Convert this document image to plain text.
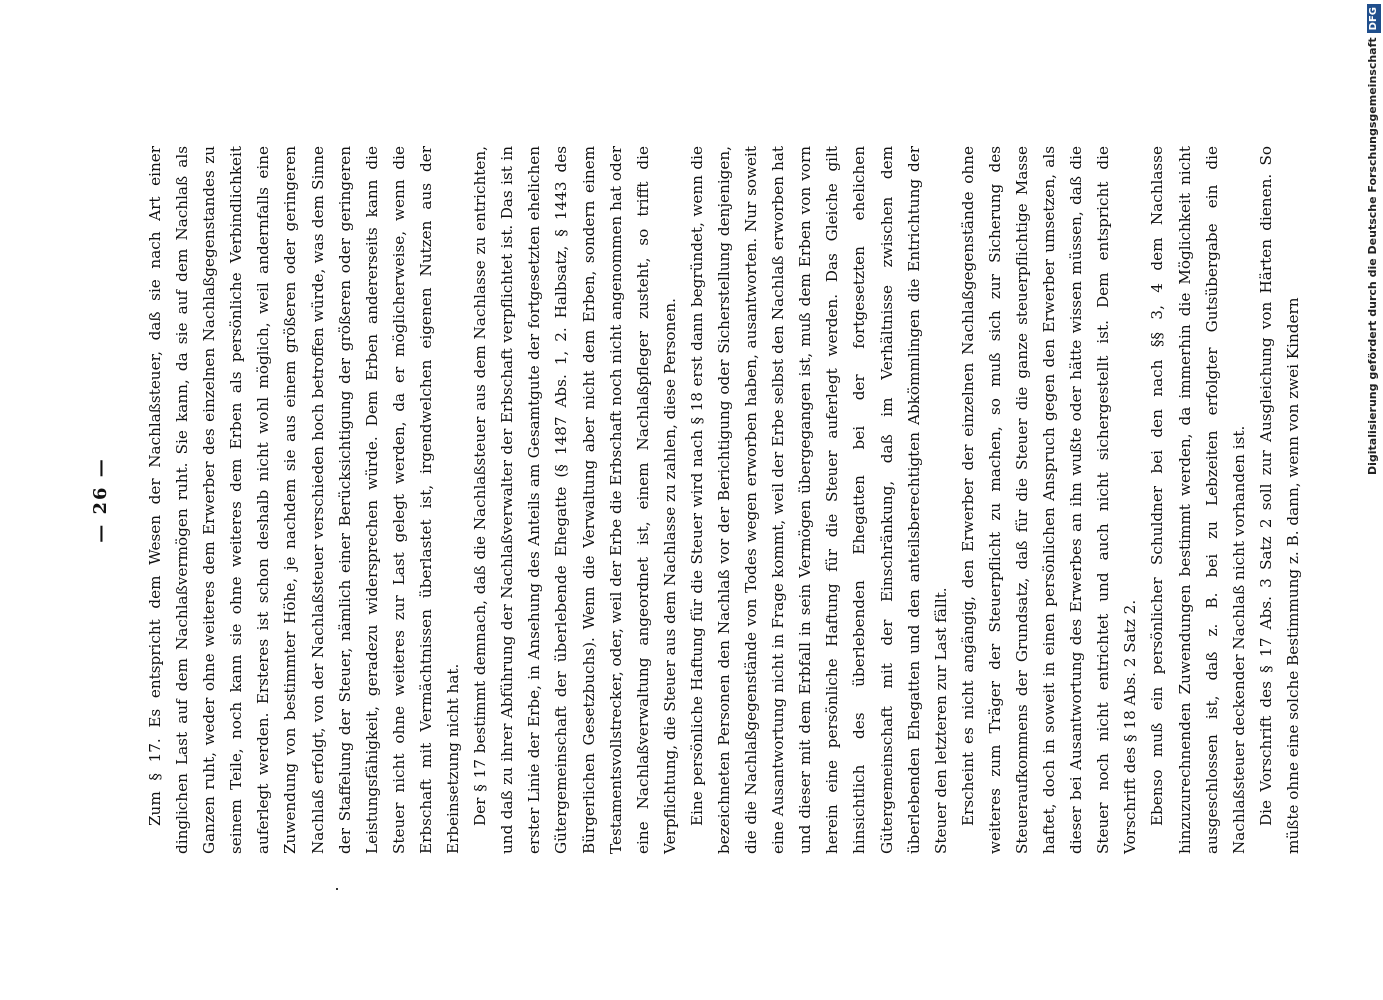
— 26 —	Zum § 17. Es entspricht dem Wesen der Nachlaßsteuer, daß sie nach Art einer dinglichen Last auf dem Nachlaßvermögen ruht. Sie kann, da sie auf dem Nachlaß als Ganzen ruht, weder ohne weiteres dem Erwerber des einzelnen Nachlaßgegenstandes zu seinem Teile, noch kann sie ohne weiteres dem Erben als persönliche Verbindlichkeit auferlegt werden. Ersteres ist schon deshalb nicht wohl möglich, weil andernfalls eine Zuwendung von bestimmter Höhe, je nachdem sie aus einem größeren oder geringeren Nachlaß erfolgt, von der Nachlaßsteuer verschieden hoch betroffen würde, was dem Sinne der Staffelung der Steuer, nämlich einer Berücksichtigung der größeren oder geringeren Leistungsfähigkeit, geradezu widersprechen würde. Dem Erben andererseits kann die Steuer nicht ohne weiteres zur Last gelegt werden, da er möglicherweise, wenn die Erbschaft mit Vermächtnissen überlastet ist, irgendwelchen eigenen Nutzen aus der Erbeinsetzung nicht hat. Der § 17 bestimmt demnach, daß die Nachlaßsteuer aus dem Nachlasse zu entrichten, und daß zu ihrer Abführung der Nachlaßverwalter der Erbschaft verpflichtet ist. Das ist in erster Linie der Erbe, in Ansehung des Anteils am Gesamtgute der fortgesetzten ehelichen Gütergemeinschaft der überlebende Ehegatte (§ 1487 Abs. 1, 2. Halbsatz, § 1443 des Bürgerlichen Gesetzbuchs). Wenn die Verwaltung aber nicht dem Erben, sondern einem Testamentsvollstrecker, oder, weil der Erbe die Erbschaft noch nicht angenommen hat oder eine Nachlaßverwaltung angeordnet ist, einem Nachlaßpfleger zusteht, so trifft die Verpflichtung, die Steuer aus dem Nachlasse zu zahlen, diese Personen. Eine persönliche Haftung für die Steuer wird nach § 18 erst dann begründet, wenn die bezeichneten Personen den Nachlaß vor der Berichtigung oder Sicherstellung denjenigen, die die Nachlaßgegenstände von Todes wegen erworben haben, ausantworten. Nur soweit eine Ausantwortung nicht in Frage kommt, weil der Erbe selbst den Nachlaß erworben hat und dieser mit dem Erbfall in sein Vermögen übergegangen ist, muß dem Erben von vorn herein eine persönliche Haftung für die Steuer auferlegt werden. Das Gleiche gilt hinsichtlich des überlebenden Ehegatten bei der fortgesetzten ehelichen Gütergemeinschaft mit der Einschränkung, daß im Verhältnisse zwischen dem überlebenden Ehegatten und den anteilsberechtigten Abkömmlingen die Entrichtung der Steuer den letzteren zur Last fällt. Erscheint es nicht angängig, den Erwerber der einzelnen Nachlaßgegenstände ohne weiteres zum Träger der Steuerpflicht zu machen, so muß sich zur Sicherung des Steueraufkommens der Grundsatz, daß für die Steuer die ganze steuerpflichtige Masse haftet, doch in soweit in einen persönlichen Anspruch gegen den Erwerber umsetzen, als dieser bei Ausantwortung des Erwerbes an ihn wußte oder hätte wissen müssen, daß die Steuer noch nicht entrichtet und auch nicht sichergestellt ist. Dem entspricht die Vorschrift des § 18 Abs. 2 Satz 2. Ebenso muß ein persönlicher Schuldner bei den nach §§ 3, 4 dem Nachlasse hinzuzurechnenden Zuwendungen bestimmt werden, da immerhin die Möglichkeit nicht ausgeschlossen ist, daß z. B. bei zu Lebzeiten erfolgter Gutsübergabe ein die Nachlaßsteuer deckender Nachlaß nicht vorhanden ist. Die Vorschrift des § 17 Abs. 3 Satz 2 soll zur Ausgleichung von Härten dienen. So müßte ohne eine solche Bestimmung z. B. dann, wenn von zwei Kindern

Digitalisierung gefördert durch die Deutsche ForschungsgemeinschaftDFG
